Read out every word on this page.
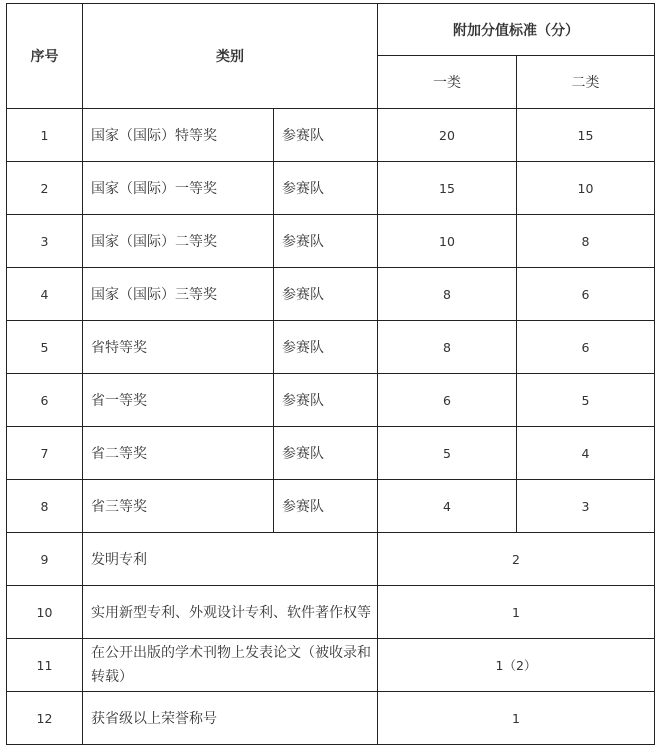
序号	类别		附加分值标准（分）	
			一类	二类
1	国家（国际）特等奖	参赛队	20	15
2	国家（国际）一等奖	参赛队	15	10
3	国家（国际）二等奖	参赛队	10	8
4	国家（国际）三等奖	参赛队	8	6
5	省特等奖	参赛队	8	6
6	省一等奖	参赛队	6	5
7	省二等奖	参赛队	5	4
8	省三等奖	参赛队	4	3
9	发明专利		2	
10	实用新型专利、外观设计专利、软件著作权等		1	
11	在公开出版的学术刊物上发表论文（被收录和转载）		1（2）	
12	获省级以上荣誉称号		1	
